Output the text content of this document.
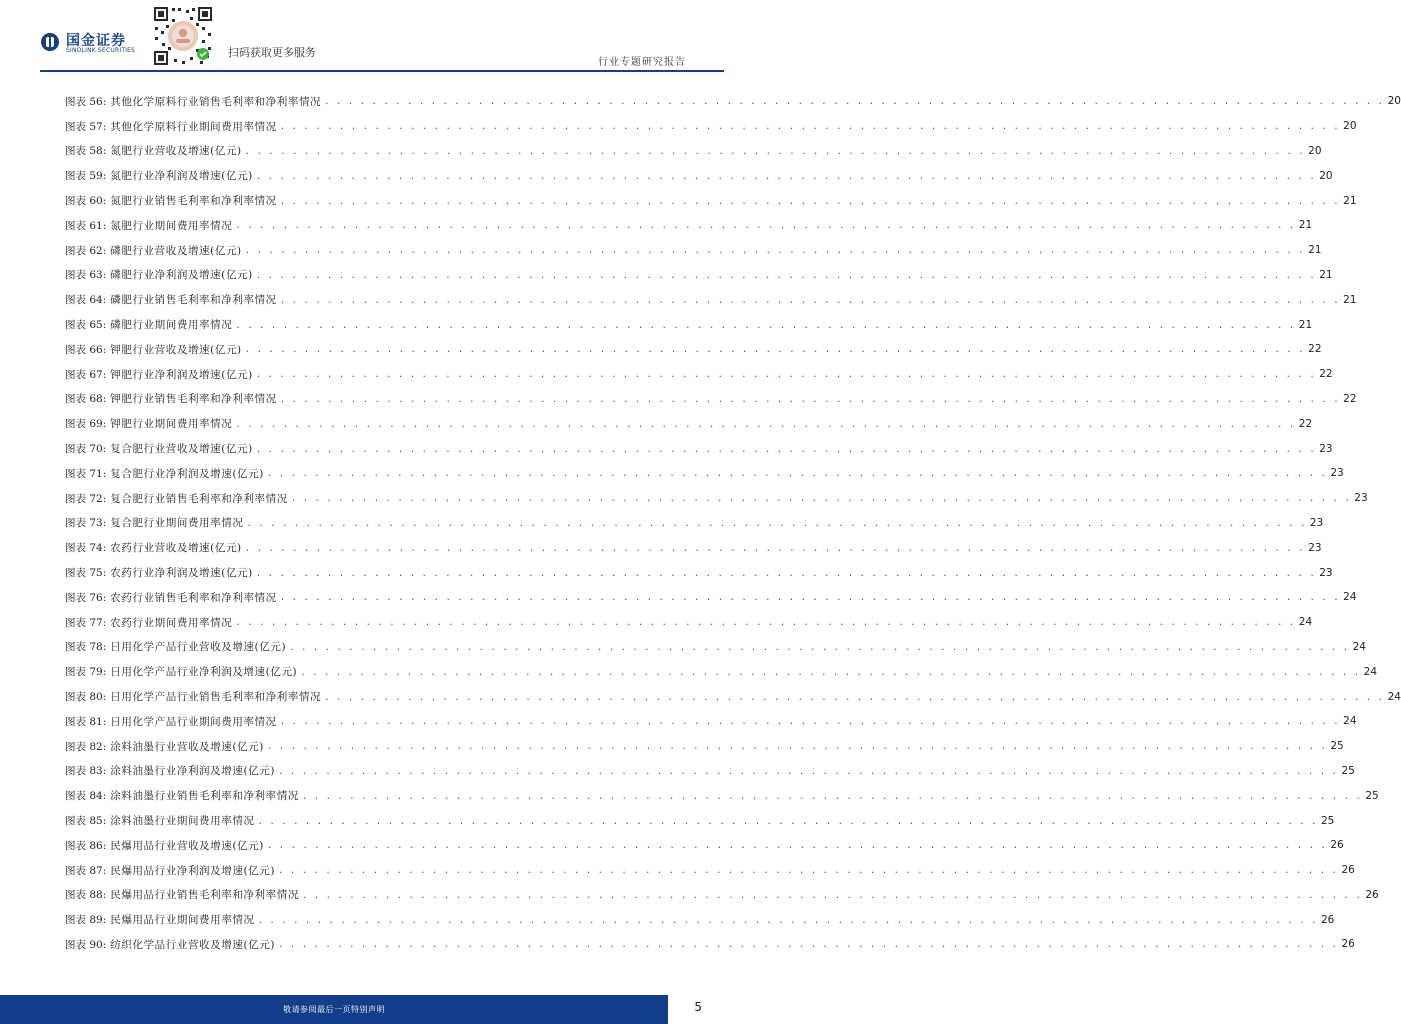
国金证券
SINOLINK SECURITIES	扫码获取更多服务
行业专题研究报告
图表 56: 其他化学原料行业销售毛利率和净利率情况 . . . . . . . . . . . . . . . . . . . . . . . . . . . . . . . . . . . . . . . . . . . . . . . . . . . . . . . . . . . . . . . . . . . . . . . . . . . . . . . . . . . . . . . . . . 20
图表 57: 其他化学原料行业期间费用率情况 . . . . . . . . . . . . . . . . . . . . . . . . . . . . . . . . . . . . . . . . . . . . . . . . . . . . . . . . . . . . . . . . . . . . . . . . . . . . . . . . . . . . . . . . . . 20
图表 58: 氮肥行业营收及增速(亿元) . . . . . . . . . . . . . . . . . . . . . . . . . . . . . . . . . . . . . . . . . . . . . . . . . . . . . . . . . . . . . . . . . . . . . . . . . . . . . . . . . . . . . . . . . . 20
图表 59: 氮肥行业净利润及增速(亿元) . . . . . . . . . . . . . . . . . . . . . . . . . . . . . . . . . . . . . . . . . . . . . . . . . . . . . . . . . . . . . . . . . . . . . . . . . . . . . . . . . . . . . . . . . . 20
图表 60: 氮肥行业销售毛利率和净利率情况 . . . . . . . . . . . . . . . . . . . . . . . . . . . . . . . . . . . . . . . . . . . . . . . . . . . . . . . . . . . . . . . . . . . . . . . . . . . . . . . . . . . . . . . . . . 21
图表 61: 氮肥行业期间费用率情况 . . . . . . . . . . . . . . . . . . . . . . . . . . . . . . . . . . . . . . . . . . . . . . . . . . . . . . . . . . . . . . . . . . . . . . . . . . . . . . . . . . . . . . . . . . 21
图表 62: 磷肥行业营收及增速(亿元) . . . . . . . . . . . . . . . . . . . . . . . . . . . . . . . . . . . . . . . . . . . . . . . . . . . . . . . . . . . . . . . . . . . . . . . . . . . . . . . . . . . . . . . . . . 21
图表 63: 磷肥行业净利润及增速(亿元) . . . . . . . . . . . . . . . . . . . . . . . . . . . . . . . . . . . . . . . . . . . . . . . . . . . . . . . . . . . . . . . . . . . . . . . . . . . . . . . . . . . . . . . . . . 21
图表 64: 磷肥行业销售毛利率和净利率情况 . . . . . . . . . . . . . . . . . . . . . . . . . . . . . . . . . . . . . . . . . . . . . . . . . . . . . . . . . . . . . . . . . . . . . . . . . . . . . . . . . . . . . . . . . . 21
图表 65: 磷肥行业期间费用率情况 . . . . . . . . . . . . . . . . . . . . . . . . . . . . . . . . . . . . . . . . . . . . . . . . . . . . . . . . . . . . . . . . . . . . . . . . . . . . . . . . . . . . . . . . . . 21
图表 66: 钾肥行业营收及增速(亿元) . . . . . . . . . . . . . . . . . . . . . . . . . . . . . . . . . . . . . . . . . . . . . . . . . . . . . . . . . . . . . . . . . . . . . . . . . . . . . . . . . . . . . . . . . . 22
图表 67: 钾肥行业净利润及增速(亿元) . . . . . . . . . . . . . . . . . . . . . . . . . . . . . . . . . . . . . . . . . . . . . . . . . . . . . . . . . . . . . . . . . . . . . . . . . . . . . . . . . . . . . . . . . . 22
图表 68: 钾肥行业销售毛利率和净利率情况 . . . . . . . . . . . . . . . . . . . . . . . . . . . . . . . . . . . . . . . . . . . . . . . . . . . . . . . . . . . . . . . . . . . . . . . . . . . . . . . . . . . . . . . . . . 22
图表 69: 钾肥行业期间费用率情况 . . . . . . . . . . . . . . . . . . . . . . . . . . . . . . . . . . . . . . . . . . . . . . . . . . . . . . . . . . . . . . . . . . . . . . . . . . . . . . . . . . . . . . . . . . 22
图表 70: 复合肥行业营收及增速(亿元) . . . . . . . . . . . . . . . . . . . . . . . . . . . . . . . . . . . . . . . . . . . . . . . . . . . . . . . . . . . . . . . . . . . . . . . . . . . . . . . . . . . . . . . . . . 23
图表 71: 复合肥行业净利润及增速(亿元) . . . . . . . . . . . . . . . . . . . . . . . . . . . . . . . . . . . . . . . . . . . . . . . . . . . . . . . . . . . . . . . . . . . . . . . . . . . . . . . . . . . . . . . . . . 23
图表 72: 复合肥行业销售毛利率和净利率情况 . . . . . . . . . . . . . . . . . . . . . . . . . . . . . . . . . . . . . . . . . . . . . . . . . . . . . . . . . . . . . . . . . . . . . . . . . . . . . . . . . . . . . . . . . . 23
图表 73: 复合肥行业期间费用率情况 . . . . . . . . . . . . . . . . . . . . . . . . . . . . . . . . . . . . . . . . . . . . . . . . . . . . . . . . . . . . . . . . . . . . . . . . . . . . . . . . . . . . . . . . . . 23
图表 74: 农药行业营收及增速(亿元) . . . . . . . . . . . . . . . . . . . . . . . . . . . . . . . . . . . . . . . . . . . . . . . . . . . . . . . . . . . . . . . . . . . . . . . . . . . . . . . . . . . . . . . . . . 23
图表 75: 农药行业净利润及增速(亿元) . . . . . . . . . . . . . . . . . . . . . . . . . . . . . . . . . . . . . . . . . . . . . . . . . . . . . . . . . . . . . . . . . . . . . . . . . . . . . . . . . . . . . . . . . . 23
图表 76: 农药行业销售毛利率和净利率情况 . . . . . . . . . . . . . . . . . . . . . . . . . . . . . . . . . . . . . . . . . . . . . . . . . . . . . . . . . . . . . . . . . . . . . . . . . . . . . . . . . . . . . . . . . . 24
图表 77: 农药行业期间费用率情况 . . . . . . . . . . . . . . . . . . . . . . . . . . . . . . . . . . . . . . . . . . . . . . . . . . . . . . . . . . . . . . . . . . . . . . . . . . . . . . . . . . . . . . . . . . 24
图表 78: 日用化学产品行业营收及增速(亿元) . . . . . . . . . . . . . . . . . . . . . . . . . . . . . . . . . . . . . . . . . . . . . . . . . . . . . . . . . . . . . . . . . . . . . . . . . . . . . . . . . . . . . . . . . . 24
图表 79: 日用化学产品行业净利润及增速(亿元) . . . . . . . . . . . . . . . . . . . . . . . . . . . . . . . . . . . . . . . . . . . . . . . . . . . . . . . . . . . . . . . . . . . . . . . . . . . . . . . . . . . . . . . . . . 24
图表 80: 日用化学产品行业销售毛利率和净利率情况 . . . . . . . . . . . . . . . . . . . . . . . . . . . . . . . . . . . . . . . . . . . . . . . . . . . . . . . . . . . . . . . . . . . . . . . . . . . . . . . . . . . . . . . . . . 24
图表 81: 日用化学产品行业期间费用率情况 . . . . . . . . . . . . . . . . . . . . . . . . . . . . . . . . . . . . . . . . . . . . . . . . . . . . . . . . . . . . . . . . . . . . . . . . . . . . . . . . . . . . . . . . . . 24
图表 82: 涂料油墨行业营收及增速(亿元) . . . . . . . . . . . . . . . . . . . . . . . . . . . . . . . . . . . . . . . . . . . . . . . . . . . . . . . . . . . . . . . . . . . . . . . . . . . . . . . . . . . . . . . . . . 25
图表 83: 涂料油墨行业净利润及增速(亿元) . . . . . . . . . . . . . . . . . . . . . . . . . . . . . . . . . . . . . . . . . . . . . . . . . . . . . . . . . . . . . . . . . . . . . . . . . . . . . . . . . . . . . . . . . . 25
图表 84: 涂料油墨行业销售毛利率和净利率情况 . . . . . . . . . . . . . . . . . . . . . . . . . . . . . . . . . . . . . . . . . . . . . . . . . . . . . . . . . . . . . . . . . . . . . . . . . . . . . . . . . . . . . . . . . . 25
图表 85: 涂料油墨行业期间费用率情况 . . . . . . . . . . . . . . . . . . . . . . . . . . . . . . . . . . . . . . . . . . . . . . . . . . . . . . . . . . . . . . . . . . . . . . . . . . . . . . . . . . . . . . . . . . 25
图表 86: 民爆用品行业营收及增速(亿元) . . . . . . . . . . . . . . . . . . . . . . . . . . . . . . . . . . . . . . . . . . . . . . . . . . . . . . . . . . . . . . . . . . . . . . . . . . . . . . . . . . . . . . . . . . 26
图表 87: 民爆用品行业净利润及增速(亿元) . . . . . . . . . . . . . . . . . . . . . . . . . . . . . . . . . . . . . . . . . . . . . . . . . . . . . . . . . . . . . . . . . . . . . . . . . . . . . . . . . . . . . . . . . . 26
图表 88: 民爆用品行业销售毛利率和净利率情况 . . . . . . . . . . . . . . . . . . . . . . . . . . . . . . . . . . . . . . . . . . . . . . . . . . . . . . . . . . . . . . . . . . . . . . . . . . . . . . . . . . . . . . . . . . 26
图表 89: 民爆用品行业期间费用率情况 . . . . . . . . . . . . . . . . . . . . . . . . . . . . . . . . . . . . . . . . . . . . . . . . . . . . . . . . . . . . . . . . . . . . . . . . . . . . . . . . . . . . . . . . . . 26
图表 90: 纺织化学品行业营收及增速(亿元) . . . . . . . . . . . . . . . . . . . . . . . . . . . . . . . . . . . . . . . . . . . . . . . . . . . . . . . . . . . . . . . . . . . . . . . . . . . . . . . . . . . . . . . . . . 26
敬请参阅最后一页特别声明	5
